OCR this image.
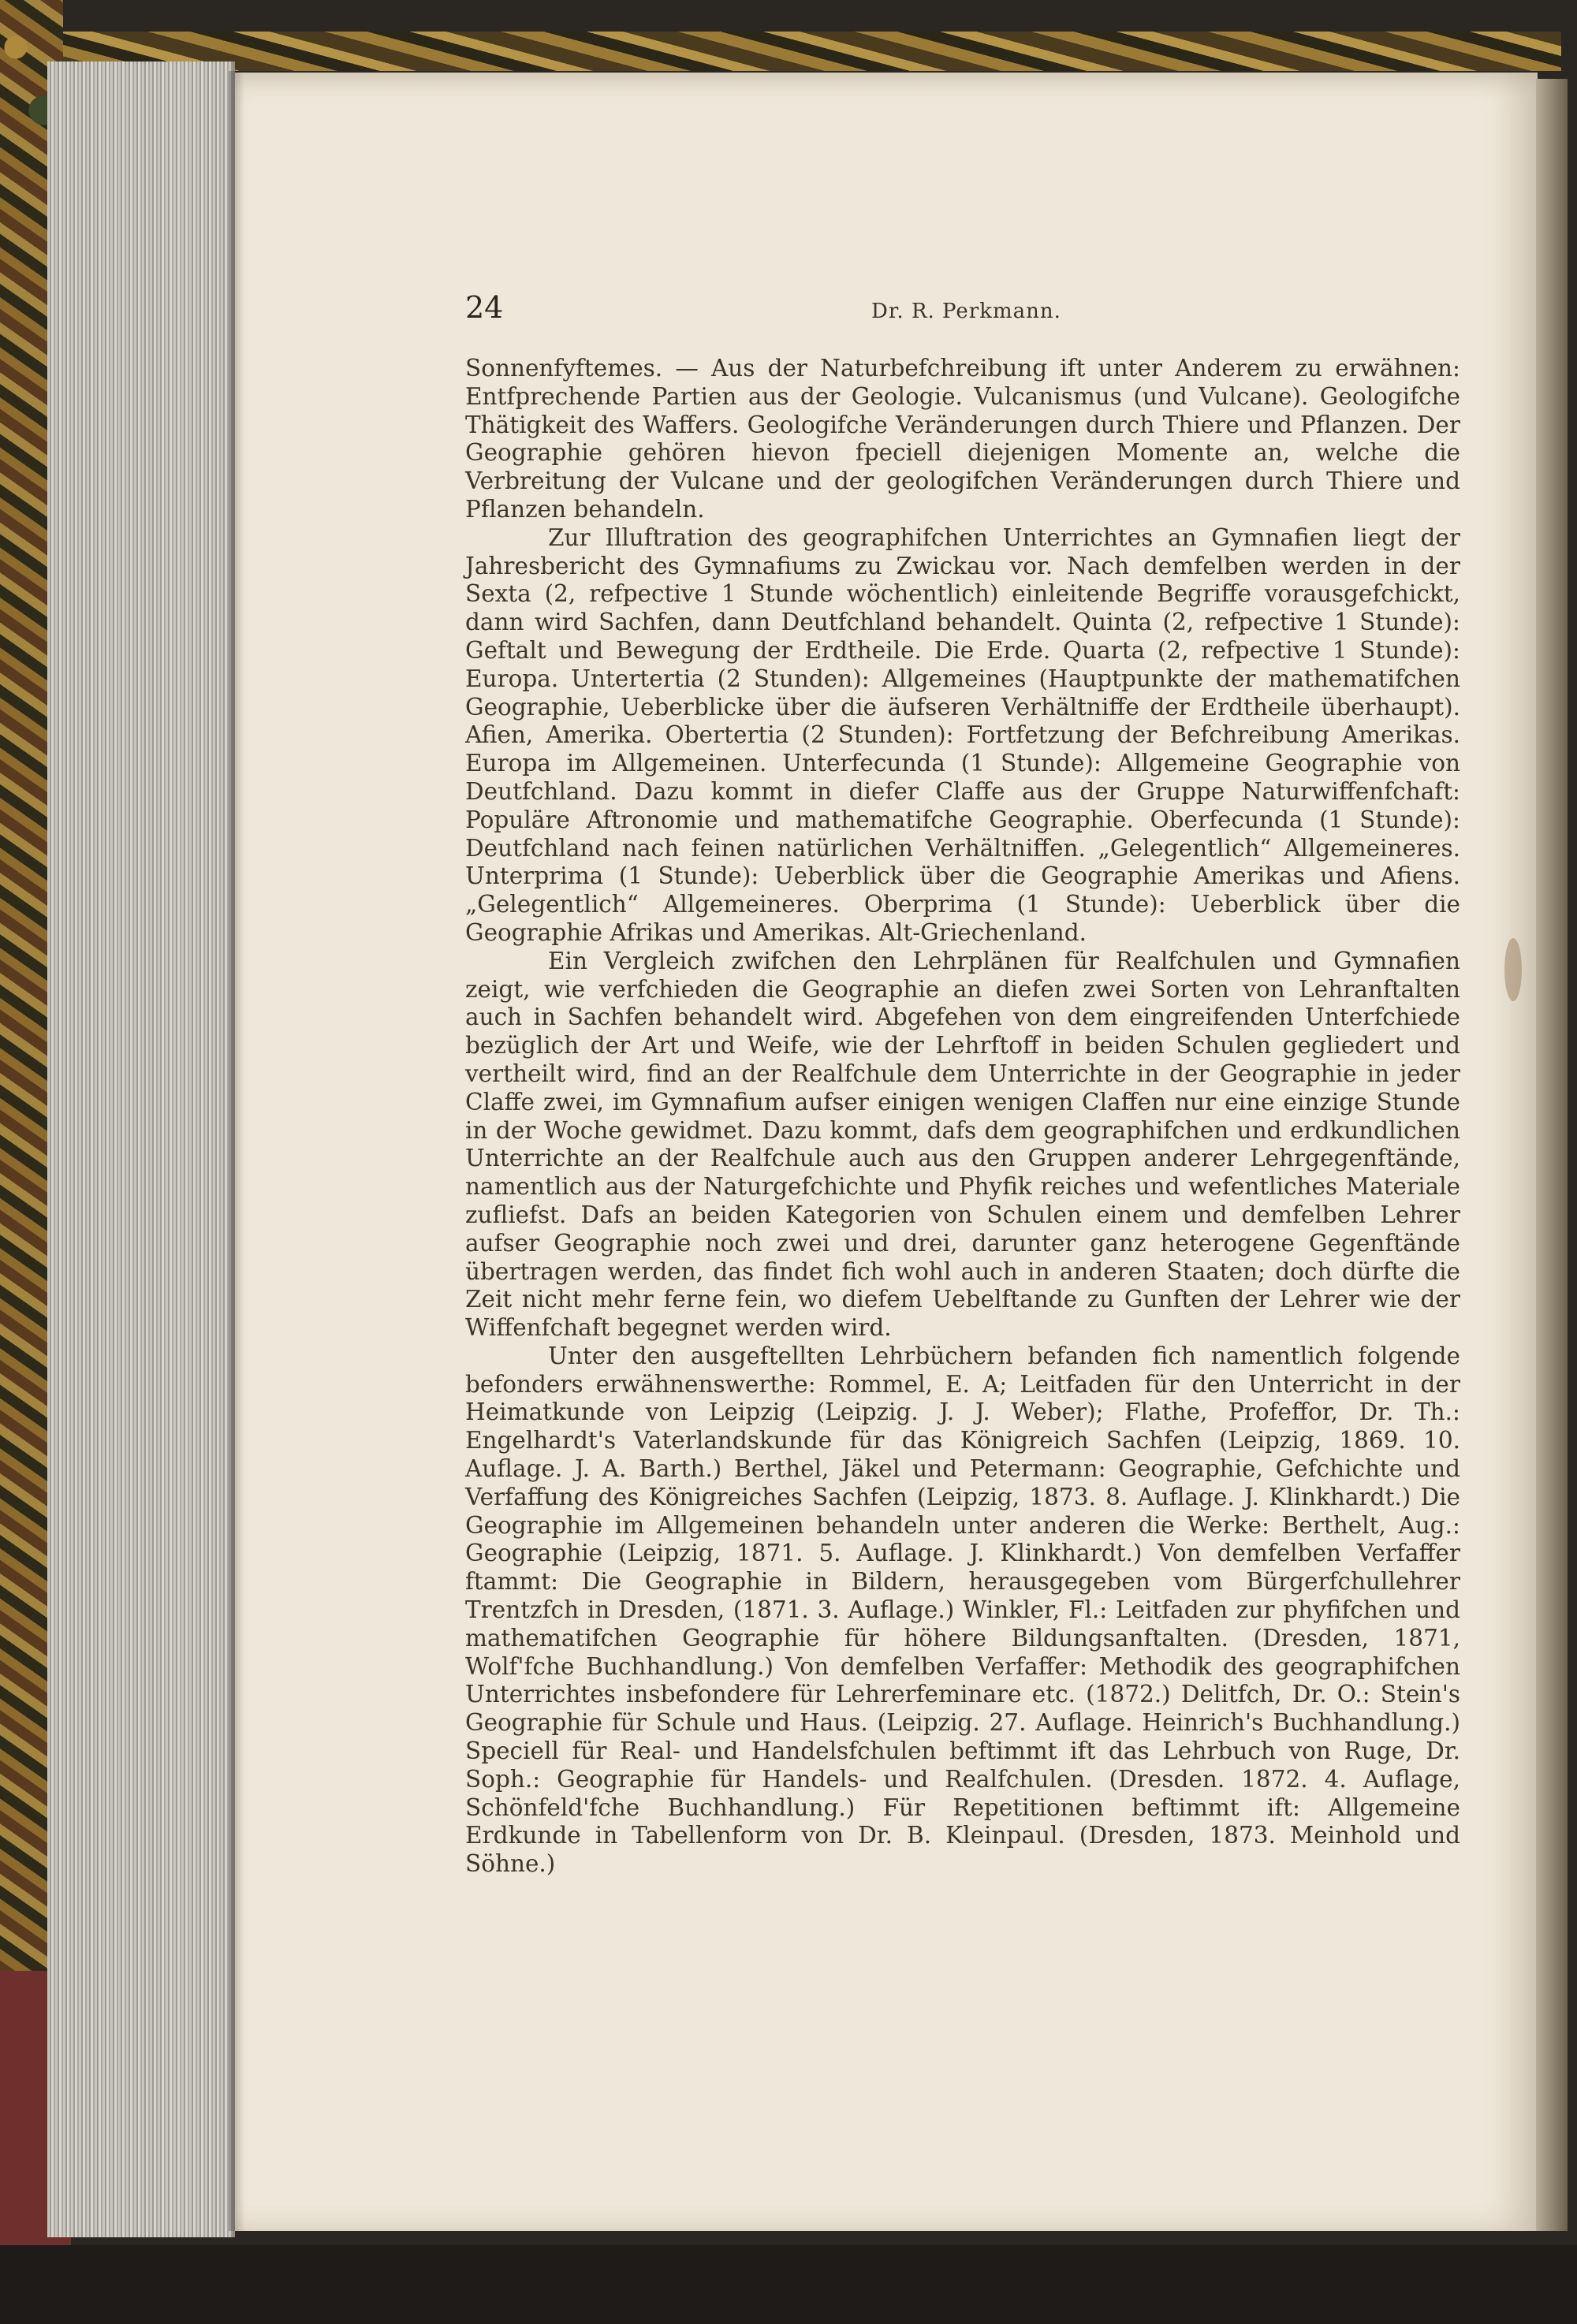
24	Dr. R. Perkmann.

Sonnenfyftemes. — Aus der Naturbefchreibung ift unter Anderem zu erwähnen: Entfprechende Partien aus der Geologie. Vulcanismus (und Vulcane). Geologifche Thätigkeit des Waffers. Geologifche Veränderungen durch Thiere und Pflanzen. Der Geographie gehören hievon fpeciell diejenigen Momente an, welche die Verbreitung der Vulcane und der geologifchen Veränderungen durch Thiere und Pflanzen behandeln.

Zur Illuftration des geographifchen Unterrichtes an Gymnafien liegt der Jahresbericht des Gymnafiums zu Zwickau vor. Nach demfelben werden in der Sexta (2, refpective 1 Stunde wöchentlich) einleitende Begriffe vorausgefchickt, dann wird Sachfen, dann Deutfchland behandelt. Quinta (2, refpective 1 Stunde): Geftalt und Bewegung der Erdtheile. Die Erde. Quarta (2, refpective 1 Stunde): Europa. Untertertia (2 Stunden): Allgemeines (Hauptpunkte der mathematifchen Geographie, Ueberblicke über die äufseren Verhältniffe der Erdtheile überhaupt). Afien, Amerika. Obertertia (2 Stunden): Fortfetzung der Befchreibung Amerikas. Europa im Allgemeinen. Unterfecunda (1 Stunde): Allgemeine Geographie von Deutfchland. Dazu kommt in diefer Claffe aus der Gruppe Naturwiffenfchaft: Populäre Aftronomie und mathematifche Geographie. Oberfecunda (1 Stunde): Deutfchland nach feinen natürlichen Verhältniffen. „Gelegentlich“ Allgemeineres. Unterprima (1 Stunde): Ueberblick über die Geographie Amerikas und Afiens. „Gelegentlich“ Allgemeineres. Oberprima (1 Stunde): Ueberblick über die Geographie Afrikas und Amerikas. Alt-Griechenland.

Ein Vergleich zwifchen den Lehrplänen für Realfchulen und Gymnafien zeigt, wie verfchieden die Geographie an diefen zwei Sorten von Lehranftalten auch in Sachfen behandelt wird. Abgefehen von dem eingreifenden Unterfchiede bezüglich der Art und Weife, wie der Lehrftoff in beiden Schulen gegliedert und vertheilt wird, find an der Realfchule dem Unterrichte in der Geographie in jeder Claffe zwei, im Gymnafium aufser einigen wenigen Claffen nur eine einzige Stunde in der Woche gewidmet. Dazu kommt, dafs dem geographifchen und erdkundlichen Unterrichte an der Realfchule auch aus den Gruppen anderer Lehrgegenftände, namentlich aus der Naturgefchichte und Phyfik reiches und wefentliches Materiale zufliefst. Dafs an beiden Kategorien von Schulen einem und demfelben Lehrer aufser Geographie noch zwei und drei, darunter ganz heterogene Gegenftände übertragen werden, das findet fich wohl auch in anderen Staaten; doch dürfte die Zeit nicht mehr ferne fein, wo diefem Uebelftande zu Gunften der Lehrer wie der Wiffenfchaft begegnet werden wird.

Unter den ausgeftellten Lehrbüchern befanden fich namentlich folgende befonders erwähnenswerthe: Rommel, E. A; Leitfaden für den Unterricht in der Heimatkunde von Leipzig (Leipzig. J. J. Weber); Flathe, Profeffor, Dr. Th.: Engelhardt's Vaterlandskunde für das Königreich Sachfen (Leipzig, 1869. 10. Auflage. J. A. Barth.) Berthel, Jäkel und Petermann: Geographie, Gefchichte und Verfaffung des Königreiches Sachfen (Leipzig, 1873. 8. Auflage. J. Klinkhardt.) Die Geographie im Allgemeinen behandeln unter anderen die Werke: Berthelt, Aug.: Geographie (Leipzig, 1871. 5. Auflage. J. Klinkhardt.) Von demfelben Verfaffer ftammt: Die Geographie in Bildern, herausgegeben vom Bürgerfchullehrer Trentzfch in Dresden, (1871. 3. Auflage.) Winkler, Fl.: Leitfaden zur phyfifchen und mathematifchen Geographie für höhere Bildungsanftalten. (Dresden, 1871, Wolf'fche Buchhandlung.) Von demfelben Verfaffer: Methodik des geographifchen Unterrichtes insbefondere für Lehrerfeminare etc. (1872.) Delitfch, Dr. O.: Stein's Geographie für Schule und Haus. (Leipzig. 27. Auflage. Heinrich's Buchhandlung.) Speciell für Real- und Handelsfchulen beftimmt ift das Lehrbuch von Ruge, Dr. Soph.: Geographie für Handels- und Realfchulen. (Dresden. 1872. 4. Auflage, Schönfeld'fche Buchhandlung.) Für Repetitionen beftimmt ift: Allgemeine Erdkunde in Tabellenform von Dr. B. Kleinpaul. (Dresden, 1873. Meinhold und Söhne.)
